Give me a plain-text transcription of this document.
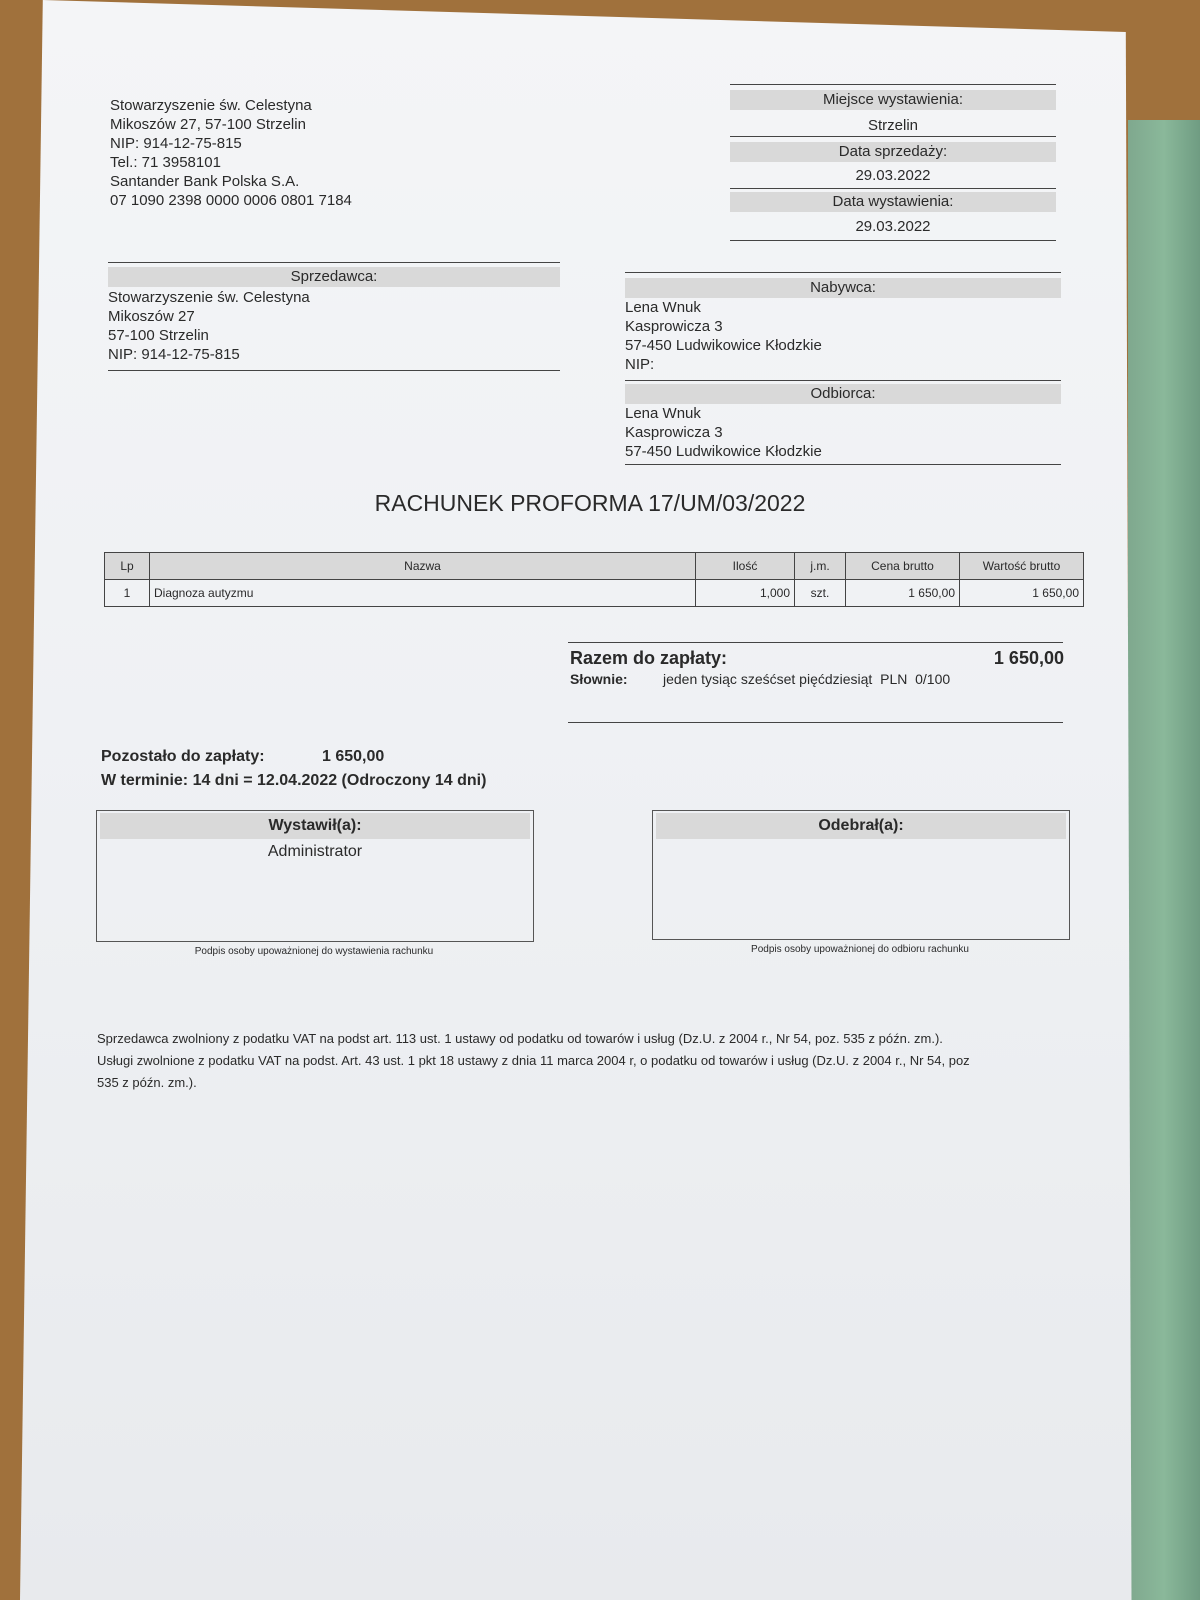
Stowarzyszenie św. Celestyna
Mikoszów 27, 57-100 Strzelin
NIP: 914-12-75-815
Tel.: 71 3958101
Santander Bank Polska S.A.
07 1090 2398 0000 0006 0801 7184
Miejsce wystawienia:
Strzelin
Data sprzedaży:
29.03.2022
Data wystawienia:
29.03.2022
Sprzedawca:
Stowarzyszenie św. Celestyna
Mikoszów 27
57-100 Strzelin
NIP: 914-12-75-815
Nabywca:
Lena Wnuk
Kasprowicza 3
57-450 Ludwikowice Kłodzkie
NIP:
Odbiorca:
Lena Wnuk
Kasprowicza 3
57-450 Ludwikowice Kłodzkie
RACHUNEK PROFORMA 17/UM/03/2022
Lp	Nazwa	Ilość	j.m.	Cena brutto	Wartość brutto
1	Diagnoza autyzmu	1,000	szt.	1 650,00	1 650,00
Razem do zapłaty:	1 650,00
Słownie:	jeden tysiąc sześćset pięćdziesiąt  PLN  0/100
Pozostało do zapłaty:	1 650,00
W terminie: 14 dni = 12.04.2022 (Odroczony 14 dni)
Wystawił(a):
Administrator
Podpis osoby upoważnionej do wystawienia rachunku
Odebrał(a):
Podpis osoby upoważnionej do odbioru rachunku
Sprzedawca zwolniony z podatku VAT na podst art. 113 ust. 1 ustawy od podatku od towarów i usług (Dz.U. z 2004 r., Nr 54, poz. 535 z późn. zm.).
Usługi zwolnione z podatku VAT na podst. Art. 43 ust. 1 pkt 18 ustawy z dnia 11 marca 2004 r, o podatku od towarów i usług (Dz.U. z 2004 r., Nr 54, poz
535 z późn. zm.).
